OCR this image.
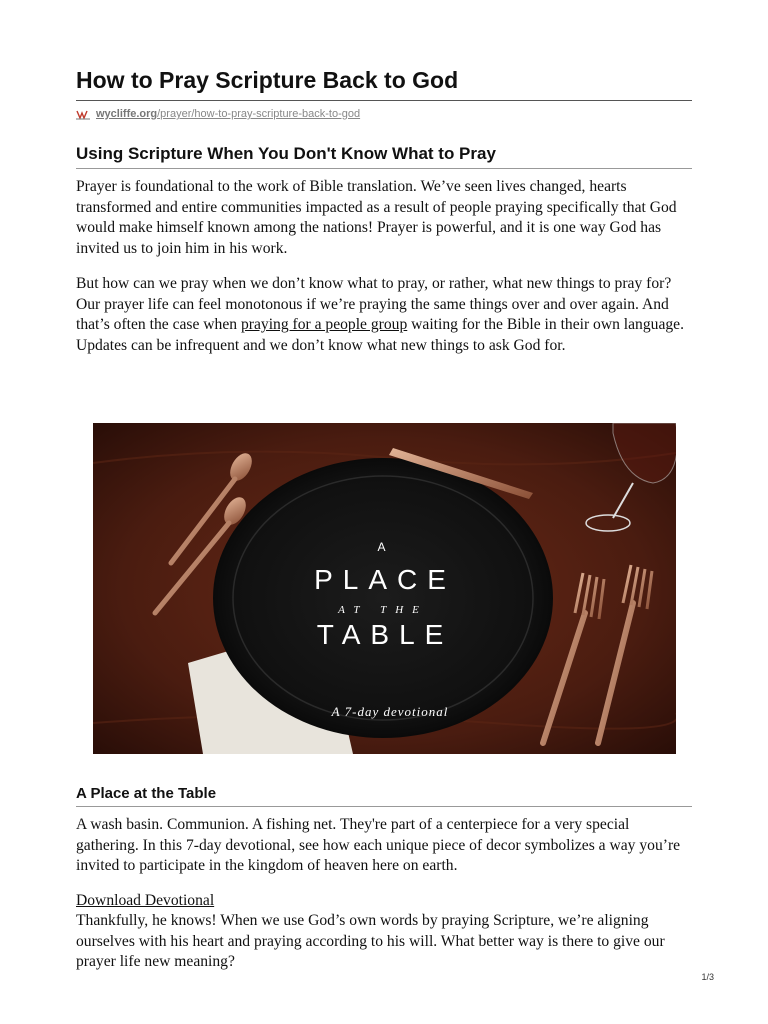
How to Pray Scripture Back to God
wycliffe.org /prayer/how-to-pray-scripture-back-to-god
Using Scripture When You Don't Know What to Pray

Prayer is foundational to the work of Bible translation. We’ve seen lives changed, hearts transformed and entire communities impacted as a result of people praying specifically that God would make himself known among the nations! Prayer is powerful, and it is one way God has invited us to join him in his work.

But how can we pray when we don’t know what to pray, or rather, what new things to pray for? Our prayer life can feel monotonous if we’re praying the same things over and over again. And that’s often the case when praying for a people group waiting for the Bible in their own language. Updates can be infrequent and we don’t know what new things to ask God for.

A
PLACE
AT THE
TABLE
A 7-day devotional
A Place at the Table

A wash basin. Communion. A fishing net. They're part of a centerpiece for a very special gathering. In this 7-day devotional, see how each unique piece of decor symbolizes a way you’re invited to participate in the kingdom of heaven here on earth.

Download Devotional

Thankfully, he knows! When we use God’s own words by praying Scripture, we’re aligning ourselves with his heart and praying according to his will. What better way is there to give our prayer life new meaning?

1/3
